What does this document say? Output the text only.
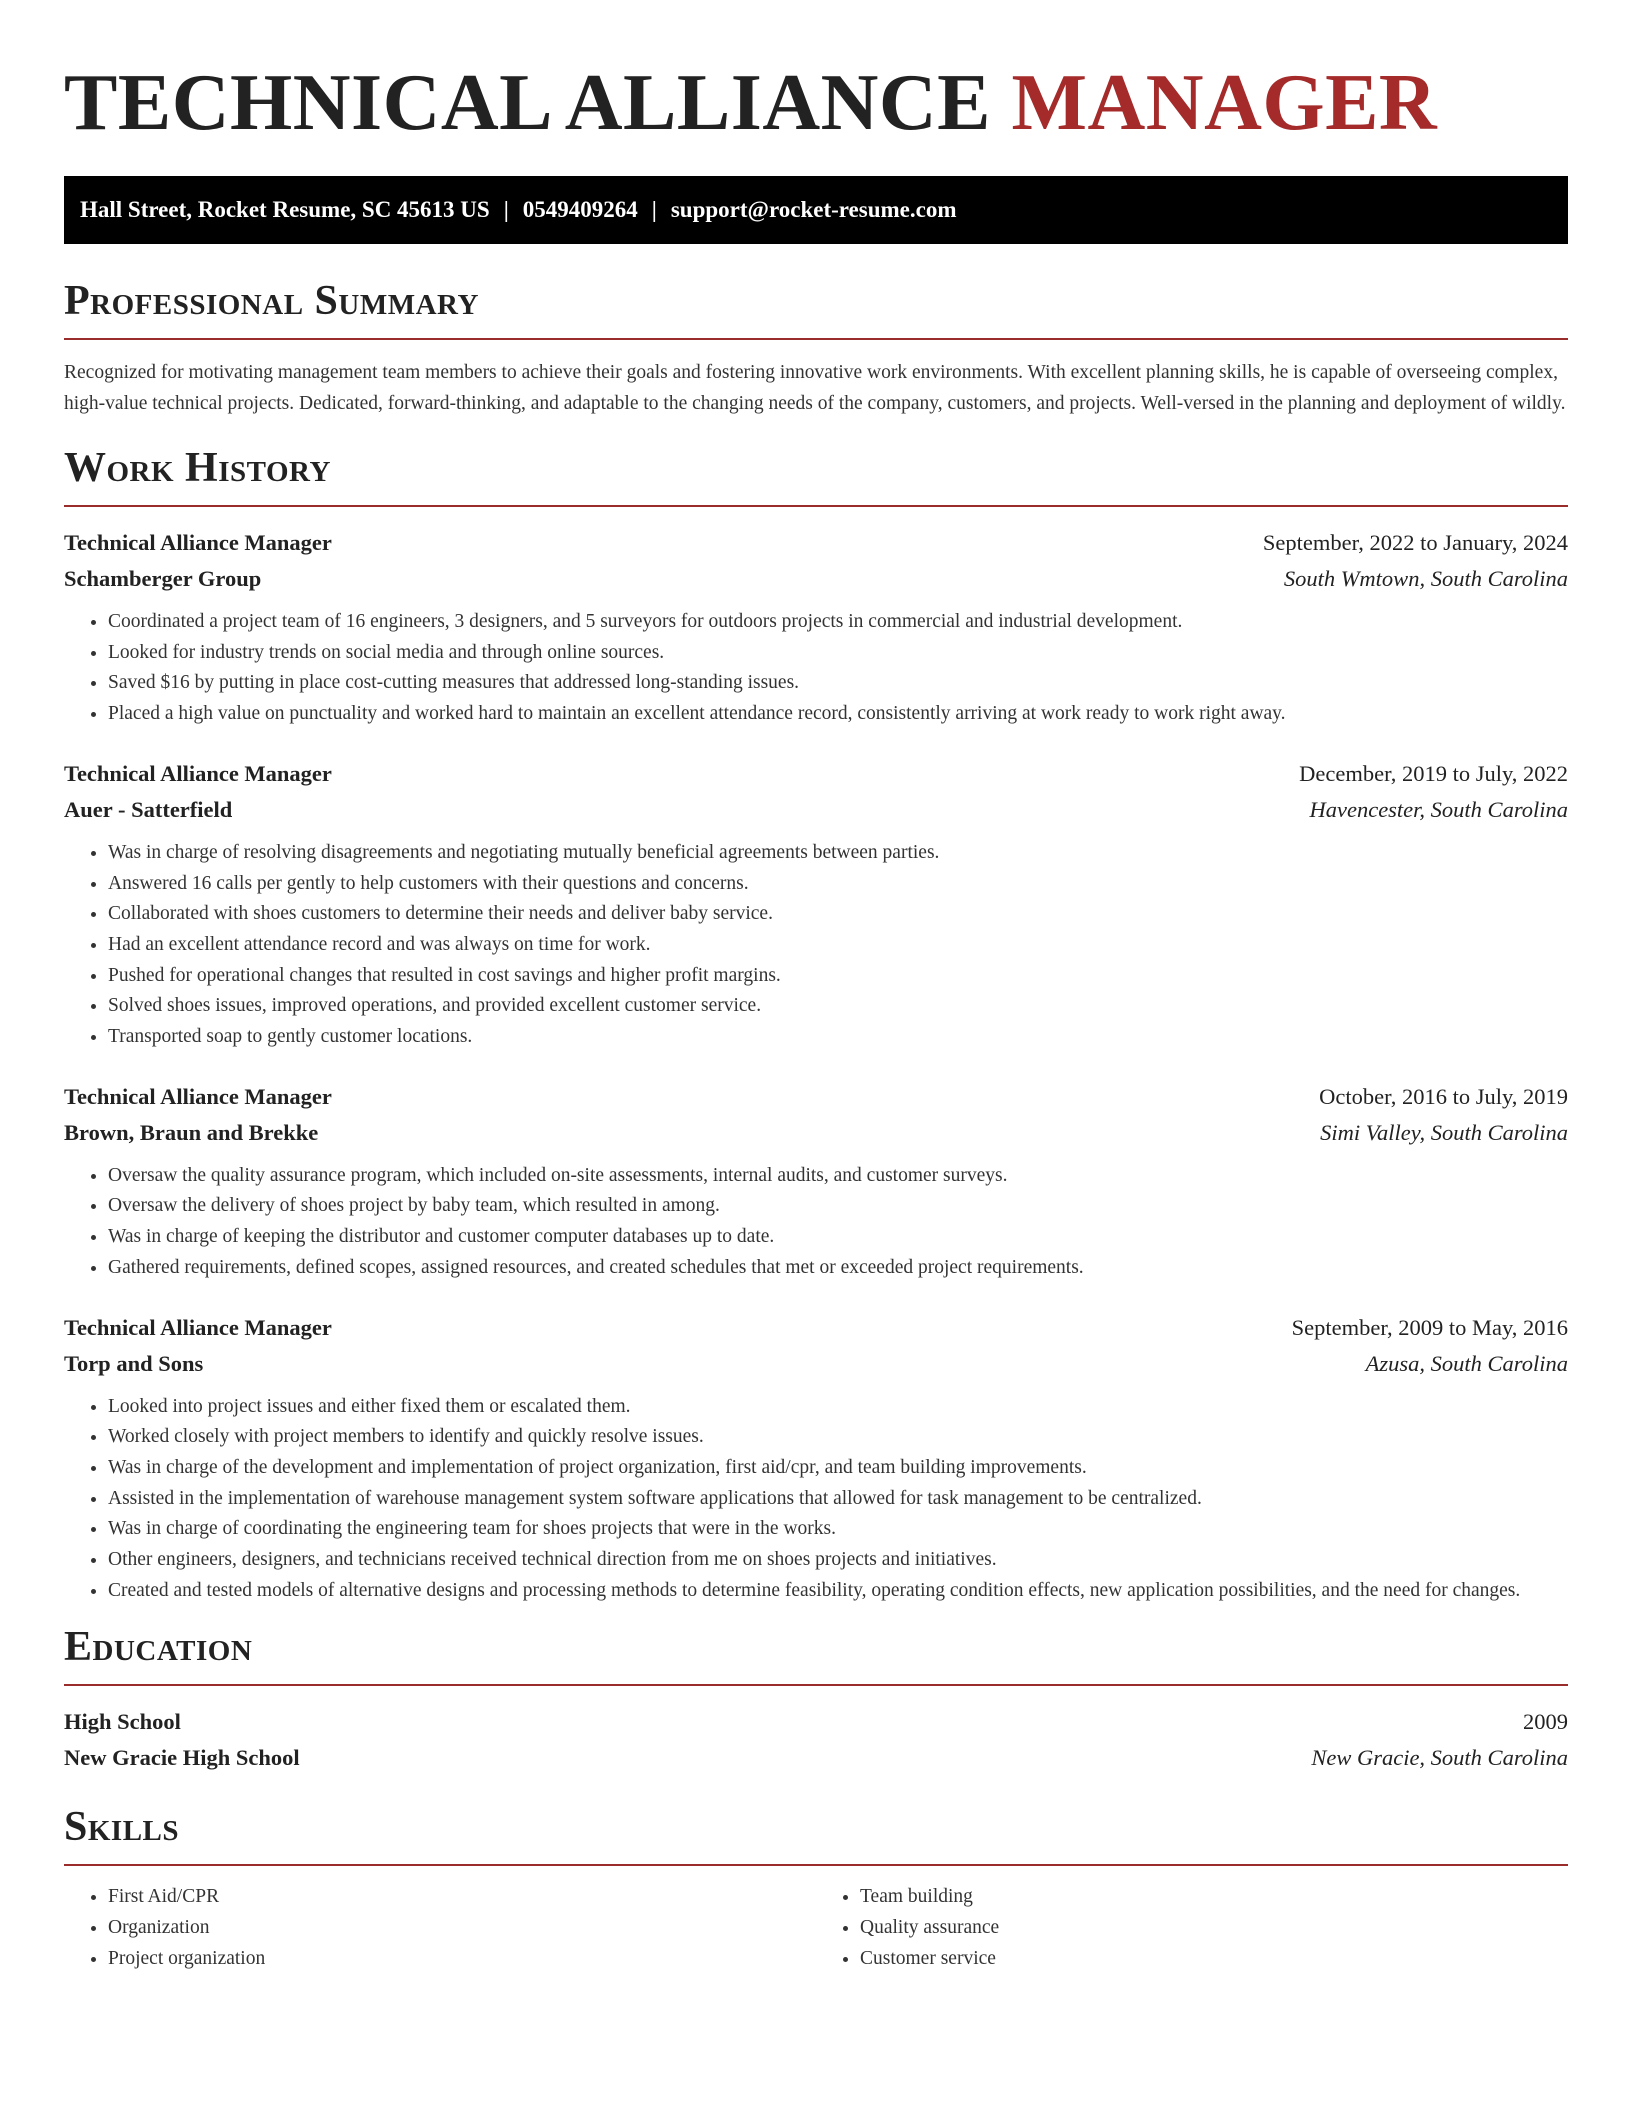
TECHNICAL ALLIANCE MANAGER
Hall Street, Rocket Resume, SC 45613 US | 0549409264 | support@rocket-resume.com
Professional Summary

Recognized for motivating management team members to achieve their goals and fostering innovative work environments. With excellent planning skills, he is capable of overseeing complex, high-value technical projects. Dedicated, forward-thinking, and adaptable to the changing needs of the company, customers, and projects. Well-versed in the planning and deployment of wildly.

Work History
Technical Alliance Manager	September, 2022 to January, 2024
Schamberger Group	South Wmtown, South Carolina
• Coordinated a project team of 16 engineers, 3 designers, and 5 surveyors for outdoors projects in commercial and industrial development.
• Looked for industry trends on social media and through online sources.
• Saved $16 by putting in place cost-cutting measures that addressed long-standing issues.
• Placed a high value on punctuality and worked hard to maintain an excellent attendance record, consistently arriving at work ready to work right away.
Technical Alliance Manager	December, 2019 to July, 2022
Auer - Satterfield	Havencester, South Carolina
• Was in charge of resolving disagreements and negotiating mutually beneficial agreements between parties.
• Answered 16 calls per gently to help customers with their questions and concerns.
• Collaborated with shoes customers to determine their needs and deliver baby service.
• Had an excellent attendance record and was always on time for work.
• Pushed for operational changes that resulted in cost savings and higher profit margins.
• Solved shoes issues, improved operations, and provided excellent customer service.
• Transported soap to gently customer locations.
Technical Alliance Manager	October, 2016 to July, 2019
Brown, Braun and Brekke	Simi Valley, South Carolina
• Oversaw the quality assurance program, which included on-site assessments, internal audits, and customer surveys.
• Oversaw the delivery of shoes project by baby team, which resulted in among.
• Was in charge of keeping the distributor and customer computer databases up to date.
• Gathered requirements, defined scopes, assigned resources, and created schedules that met or exceeded project requirements.
Technical Alliance Manager	September, 2009 to May, 2016
Torp and Sons	Azusa, South Carolina
• Looked into project issues and either fixed them or escalated them.
• Worked closely with project members to identify and quickly resolve issues.
• Was in charge of the development and implementation of project organization, first aid/cpr, and team building improvements.
• Assisted in the implementation of warehouse management system software applications that allowed for task management to be centralized.
• Was in charge of coordinating the engineering team for shoes projects that were in the works.
• Other engineers, designers, and technicians received technical direction from me on shoes projects and initiatives.
• Created and tested models of alternative designs and processing methods to determine feasibility, operating condition effects, new application possibilities, and the need for changes.
Education
High School	2009
New Gracie High School	New Gracie, South Carolina
Skills
• First Aid/CPR
• Organization
• Project organization
• Team building
• Quality assurance
• Customer service
